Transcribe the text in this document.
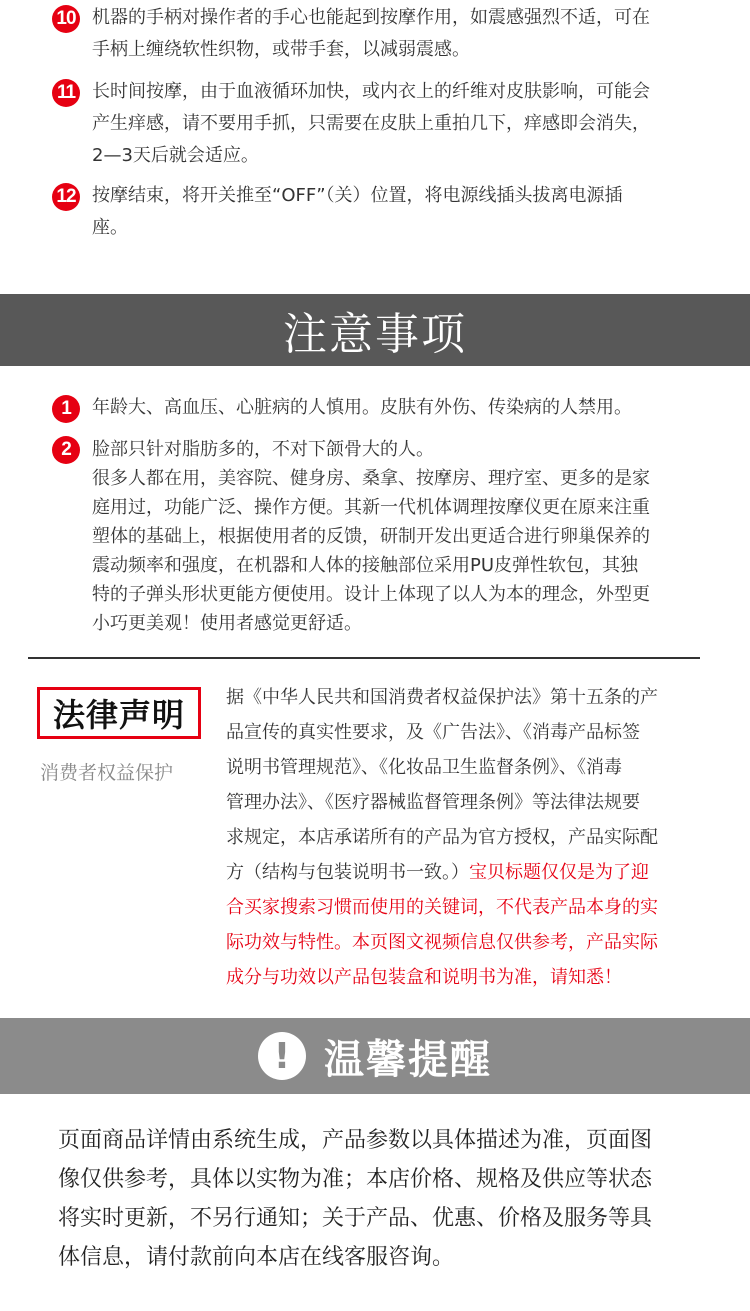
10 机器的手柄对操作者的手心也能起到按摩作用，如震感强烈不适，可在
手柄上缠绕软性织物，或带手套，以减弱震感。
11 长时间按摩，由于血液循环加快，或内衣上的纤维对皮肤影响，可能会
产生痒感，请不要用手抓，只需要在皮肤上重拍几下，痒感即会消失，
2—3天后就会适应。
12 按摩结束，将开关推至“OFF”（关）位置，将电源线插头拔离电源插
座。
注意事项
1	年龄大、高血压、心脏病的人慎用。皮肤有外伤、传染病的人禁用。
2	脸部只针对脂肪多的，不对下颌骨大的人。
很多人都在用，美容院、健身房、桑拿、按摩房、理疗室、更多的是家
庭用过，功能广泛、操作方便。其新一代机体调理按摩仪更在原来注重
塑体的基础上，根据使用者的反馈，研制开发出更适合进行卵巢保养的
震动频率和强度，在机器和人体的接触部位采用PU皮弹性软包，其独
特的子弹头形状更能方便使用。设计上体现了以人为本的理念，外型更
小巧更美观！使用者感觉更舒适。
法律声明
消费者权益保护
据《中华人民共和国消费者权益保护法》第十五条的产
品宣传的真实性要求，及《广告法》、《消毒产品标签
说明书管理规范》、《化妆品卫生监督条例》、《消毒
管理办法》、《医疗器械监督管理条例》等法律法规要
求规定，本店承诺所有的产品为官方授权，产品实际配
方（结构与包装说明书一致。）宝贝标题仅仅是为了迎
合买家搜索习惯而使用的关键词，不代表产品本身的实
际功效与特性。本页图文视频信息仅供参考，产品实际
成分与功效以产品包装盒和说明书为准，请知悉！
! 温馨提醒
页面商品详情由系统生成，产品参数以具体描述为准，页面图
像仅供参考，具体以实物为准；本店价格、规格及供应等状态
将实时更新，不另行通知；关于产品、优惠、价格及服务等具
体信息，请付款前向本店在线客服咨询。
